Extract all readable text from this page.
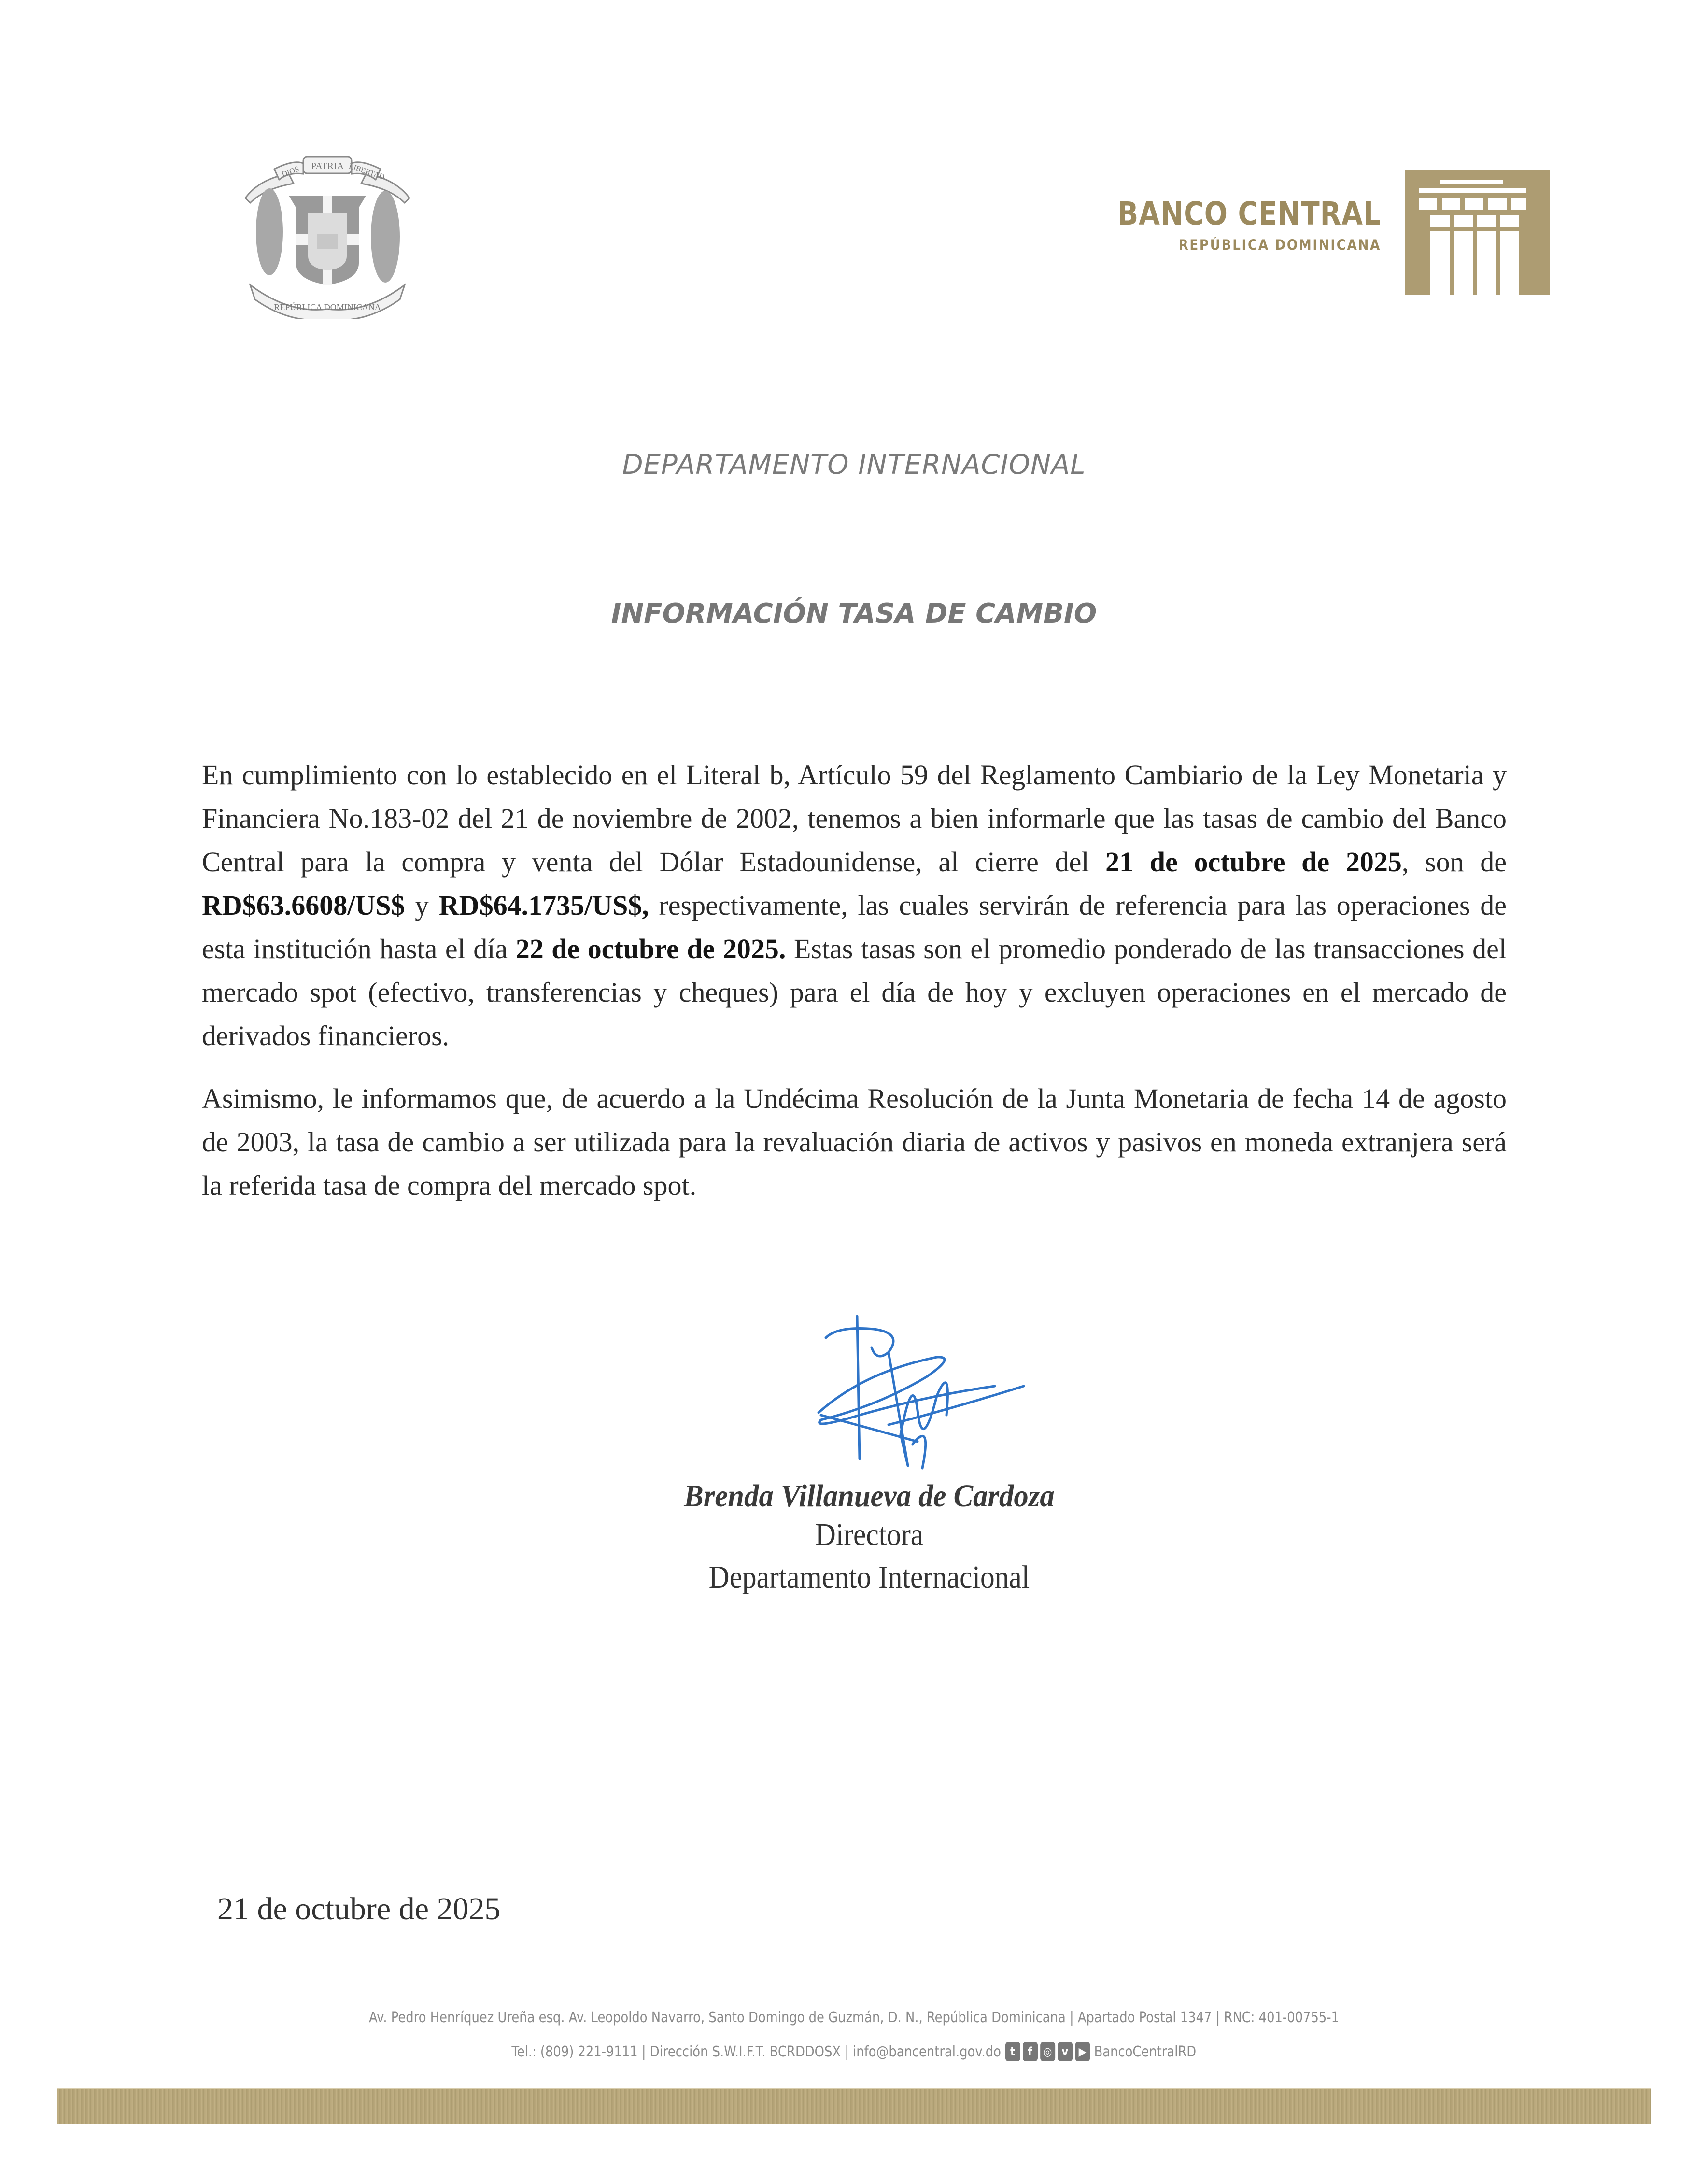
PATRIA
DIOS	LIBERTAD
REPÚBLICA DOMINICANA
BANCO CENTRAL
REPÚBLICA DOMINICANA
DEPARTAMENTO INTERNACIONAL
INFORMACIÓN TASA DE CAMBIO

En cumplimiento con lo establecido en el Literal b, Artículo 59 del Reglamento Cambiario de la Ley Monetaria y Financiera No.183-02 del 21 de noviembre de 2002, tenemos a bien informarle que las tasas de cambio del Banco Central para la compra y venta del Dólar Estadounidense, al cierre del 21 de octubre de 2025, son de RD$63.6608/US$ y RD$64.1735/US$, respectivamente, las cuales servirán de referencia para las operaciones de esta institución hasta el día 22 de octubre de 2025. Estas tasas son el promedio ponderado de las transacciones del mercado spot (efectivo, transferencias y cheques) para el día de hoy y excluyen operaciones en el mercado de derivados financieros.

Asimismo, le informamos que, de acuerdo a la Undécima Resolución de la Junta Monetaria de fecha 14 de agosto de 2003, la tasa de cambio a ser utilizada para la revaluación diaria de activos y pasivos en moneda extranjera será la referida tasa de compra del mercado spot.

Brenda Villanueva de Cardoza
Directora
Departamento Internacional
21 de octubre de 2025
Av. Pedro Henríquez Ureña esq. Av. Leopoldo Navarro, Santo Domingo de Guzmán, D. N., República Dominicana | Apartado Postal 1347 | RNC: 401-00755-1
Tel.: (809) 221-9111 | Dirección S.W.I.F.T. BCRDDOSX | info@bancentral.gov.do t	f ◎ v ▶ BancoCentralRD
